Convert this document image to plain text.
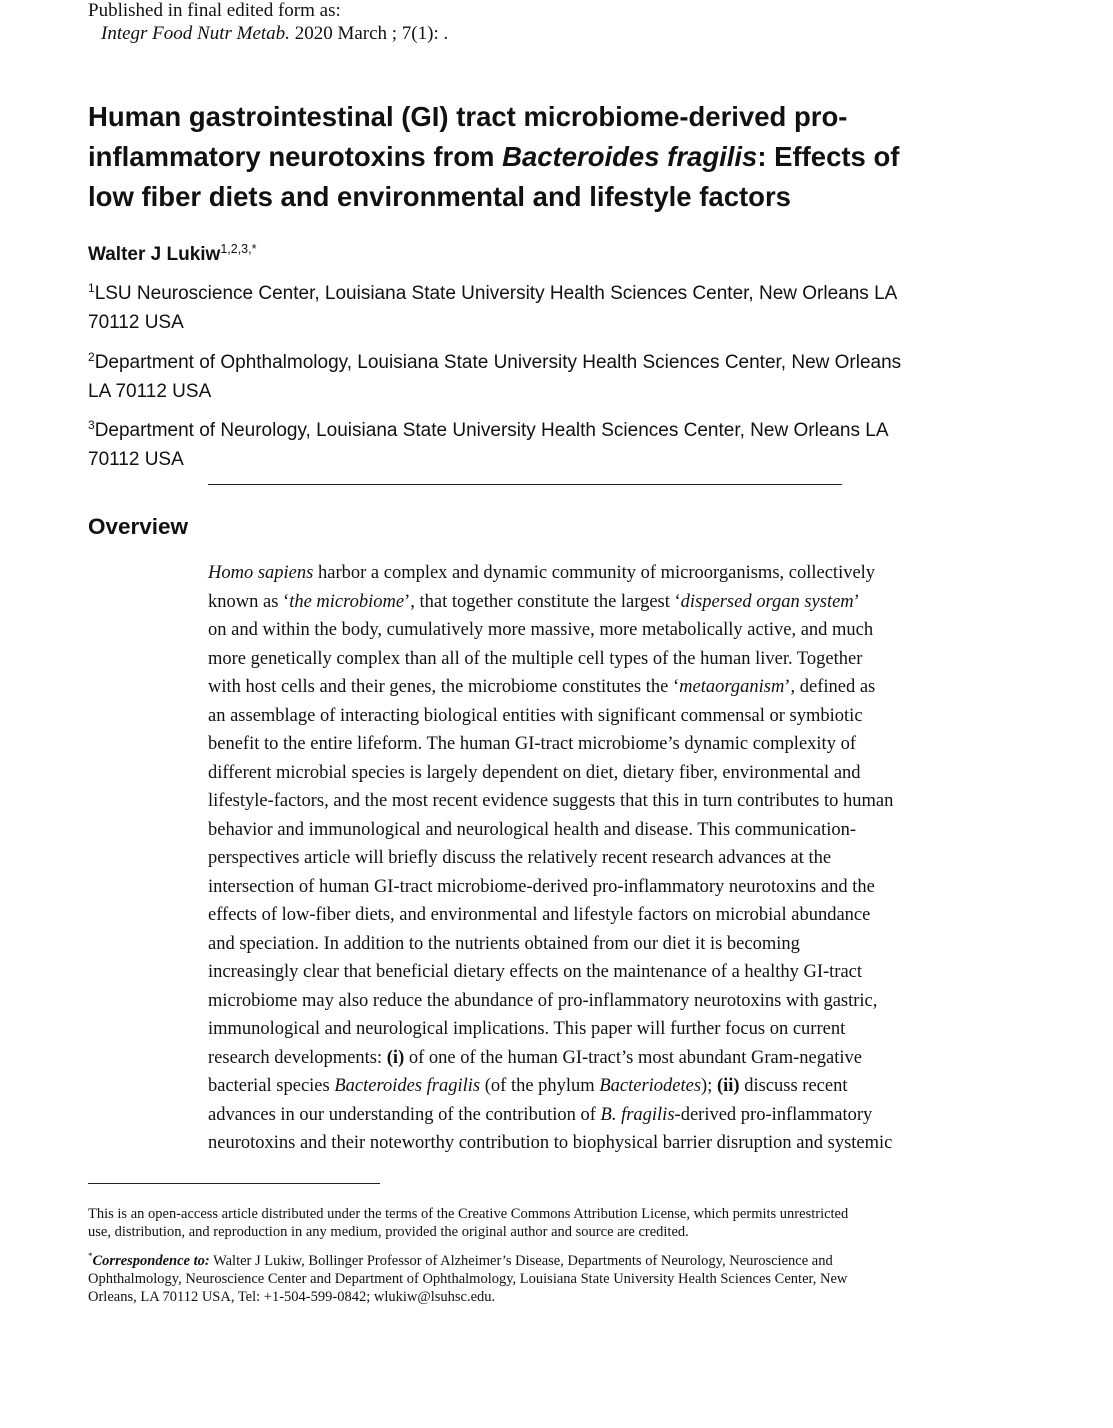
Published in final edited form as:
Integr Food Nutr Metab. 2020 March ; 7(1): .
Human gastrointestinal (GI) tract microbiome-derived pro-
inflammatory neurotoxins from Bacteroides fragilis: Effects of
low fiber diets and environmental and lifestyle factors
Walter J Lukiw$^{1,2,3,*}$
$^1$LSU Neuroscience Center, Louisiana State University Health Sciences Center, New Orleans LA
70112 USA
$^2$Department of Ophthalmology, Louisiana State University Health Sciences Center, New Orleans
LA 70112 USA
$^3$Department of Neurology, Louisiana State University Health Sciences Center, New Orleans LA
70112 USA
Overview
Homo sapiens harbor a complex and dynamic community of microorganisms, collectively
known as ‘the microbiome’, that together constitute the largest ‘dispersed organ system’
on and within the body, cumulatively more massive, more metabolically active, and much
more genetically complex than all of the multiple cell types of the human liver. Together
with host cells and their genes, the microbiome constitutes the ‘metaorganism’, defined as
an assemblage of interacting biological entities with significant commensal or symbiotic
benefit to the entire lifeform. The human GI-tract microbiome’s dynamic complexity of
different microbial species is largely dependent on diet, dietary fiber, environmental and
lifestyle-factors, and the most recent evidence suggests that this in turn contributes to human
behavior and immunological and neurological health and disease. This communication-
perspectives article will briefly discuss the relatively recent research advances at the
intersection of human GI-tract microbiome-derived pro-inflammatory neurotoxins and the
effects of low-fiber diets, and environmental and lifestyle factors on microbial abundance
and speciation. In addition to the nutrients obtained from our diet it is becoming
increasingly clear that beneficial dietary effects on the maintenance of a healthy GI-tract
microbiome may also reduce the abundance of pro-inflammatory neurotoxins with gastric,
immunological and neurological implications. This paper will further focus on current
research developments: (i) of one of the human GI-tract’s most abundant Gram-negative
bacterial species Bacteroides fragilis (of the phylum Bacteriodetes); (ii) discuss recent
advances in our understanding of the contribution of B. fragilis-derived pro-inflammatory
neurotoxins and their noteworthy contribution to biophysical barrier disruption and systemic
This is an open-access article distributed under the terms of the Creative Commons Attribution License, which permits unrestricted
use, distribution, and reproduction in any medium, provided the original author and source are credited.
*Correspondence to: Walter J Lukiw, Bollinger Professor of Alzheimer’s Disease, Departments of Neurology, Neuroscience and
Ophthalmology, Neuroscience Center and Department of Ophthalmology, Louisiana State University Health Sciences Center, New
Orleans, LA 70112 USA, Tel: +1-504-599-0842; wlukiw@lsuhsc.edu.
